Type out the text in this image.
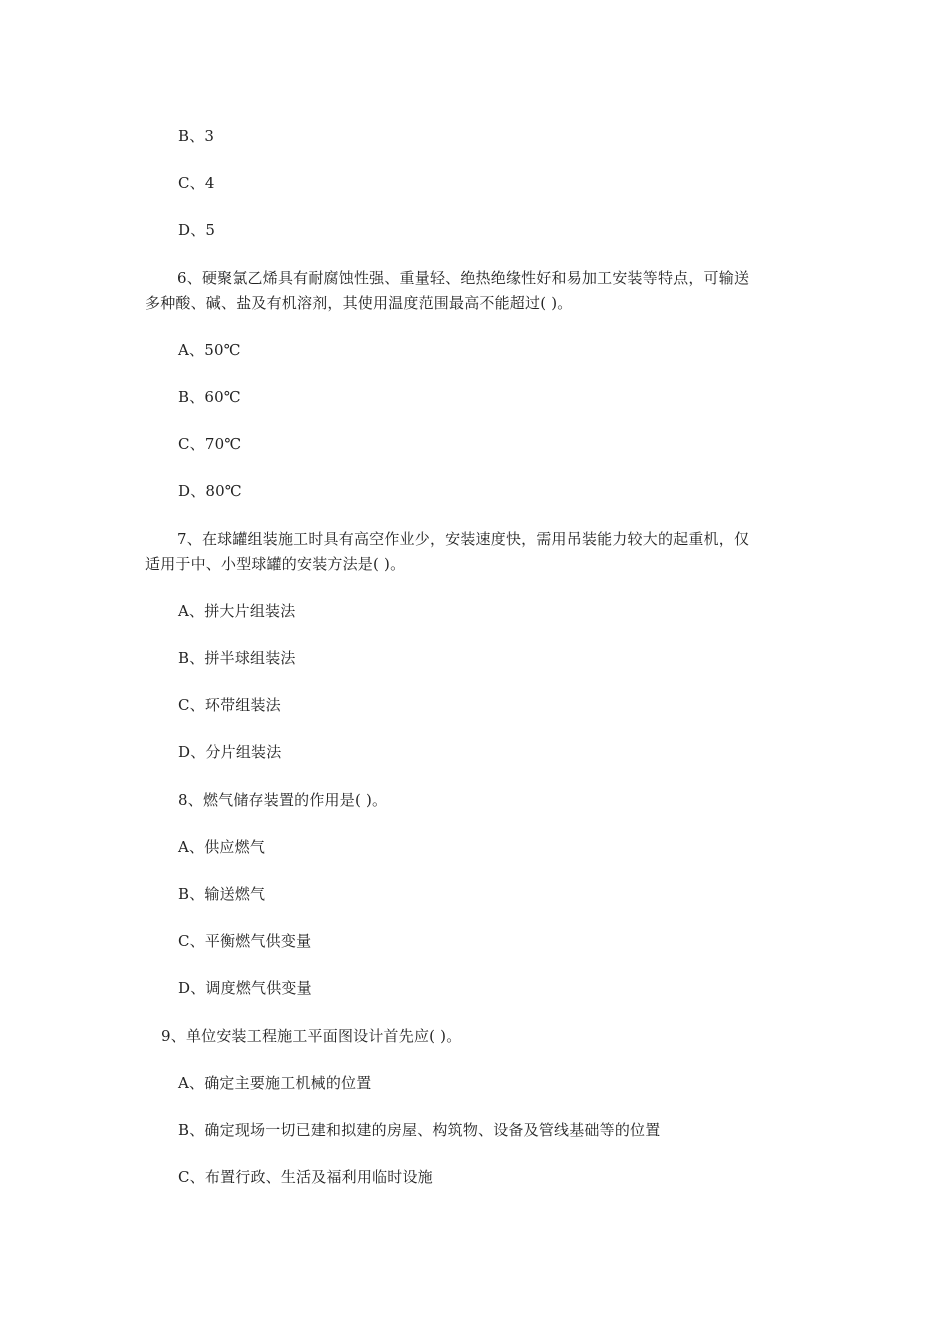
B、3
C、4
D、5
6、硬聚氯乙烯具有耐腐蚀性强、重量轻、绝热绝缘性好和易加工安装等特点，可输送
多种酸、碱、盐及有机溶剂，其使用温度范围最高不能超过( )。
A、50℃
B、60℃
C、70℃
D、80℃
7、在球罐组装施工时具有高空作业少，安装速度快，需用吊装能力较大的起重机，仅
适用于中、小型球罐的安装方法是( )。
A、拼大片组装法
B、拼半球组装法
C、环带组装法
D、分片组装法
8、燃气储存装置的作用是( )。
A、供应燃气
B、输送燃气
C、平衡燃气供变量
D、调度燃气供变量
9、单位安装工程施工平面图设计首先应( )。
A、确定主要施工机械的位置
B、确定现场一切已建和拟建的房屋、构筑物、设备及管线基础等的位置
C、布置行政、生活及福利用临时设施
